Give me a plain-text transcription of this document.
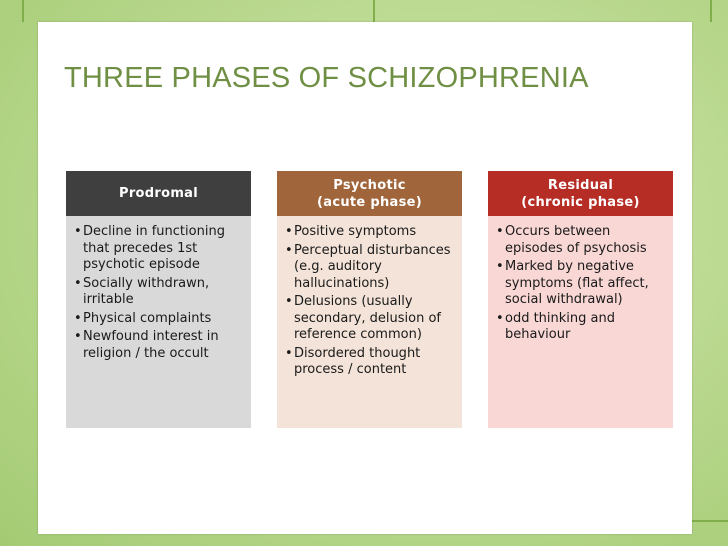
THREE PHASES OF SCHIZOPHRENIA
Prodromal
• Decline in functioning that precedes 1st psychotic episode
• Socially withdrawn, irritable
• Physical complaints
• Newfound interest in religion / the occult
Psychotic
(acute phase)
• Positive symptoms
• Perceptual disturbances (e.g. auditory hallucinations)
• Delusions (usually secondary, delusion of reference common)
• Disordered thought process / content
Residual
(chronic phase)
• Occurs between episodes of psychosis
• Marked by negative symptoms (flat affect, social withdrawal)
• odd thinking and behaviour
